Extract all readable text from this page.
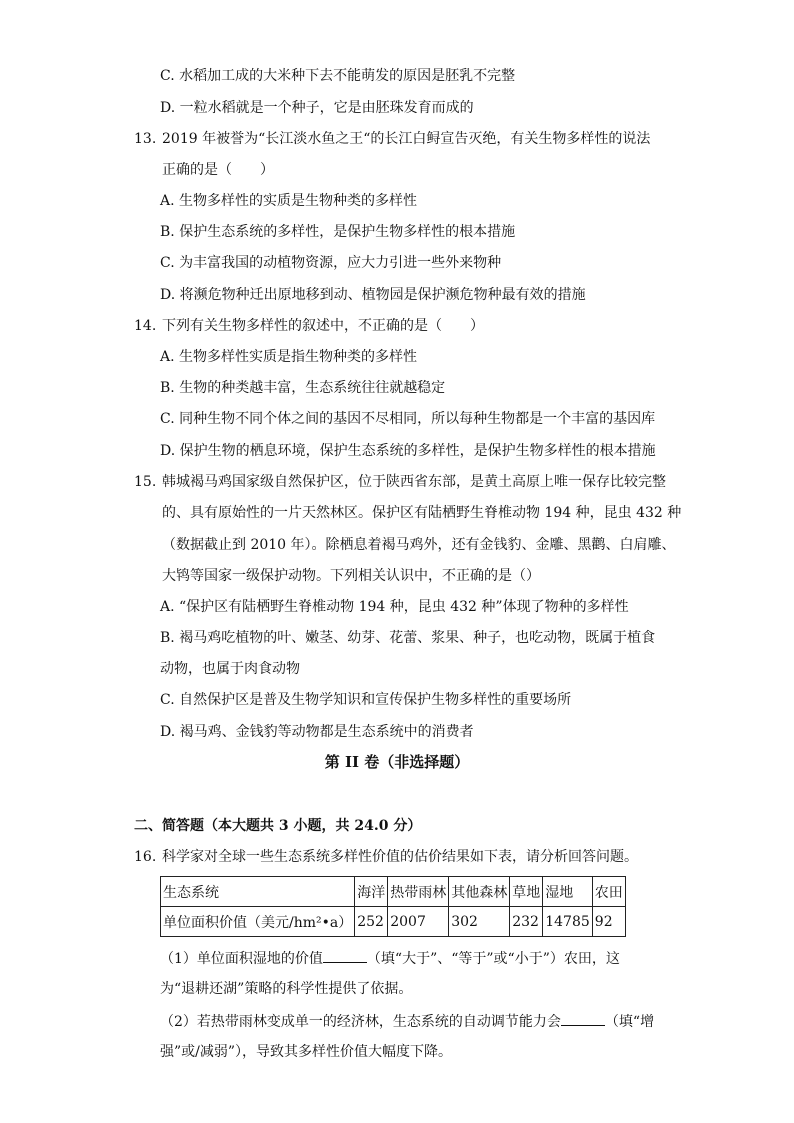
C. 水稻加工成的大米种下去不能萌发的原因是胚乳不完整
D. 一粒水稻就是一个种子，它是由胚珠发育而成的
13. 2019 年被誉为“长江淡水鱼之王“的长江白鲟宣告灭绝，有关生物多样性的说法
正确的是（　　）
A. 生物多样性的实质是生物种类的多样性
B. 保护生态系统的多样性，是保护生物多样性的根本措施
C. 为丰富我国的动植物资源，应大力引进一些外来物种
D. 将濒危物种迁出原地移到动、植物园是保护濒危物种最有效的措施
14. 下列有关生物多样性的叙述中，不正确的是（　　）
A. 生物多样性实质是指生物种类的多样性
B. 生物的种类越丰富，生态系统往往就越稳定
C. 同种生物不同个体之间的基因不尽相同，所以每种生物都是一个丰富的基因库
D. 保护生物的栖息环境，保护生态系统的多样性，是保护生物多样性的根本措施
15. 韩城褐马鸡国家级自然保护区，位于陕西省东部，是黄土高原上唯一保存比较完整
的、具有原始性的一片天然林区。保护区有陆栖野生脊椎动物 194 种，昆虫 432 种
（数据截止到 2010 年）。除栖息着褐马鸡外，还有金钱豹、金雕、黑鹳、白肩雕、
大鸨等国家一级保护动物。下列相关认识中，不正确的是（）
A. “保护区有陆栖野生脊椎动物 194 种，昆虫 432 种”体现了物种的多样性
B. 褐马鸡吃植物的叶、嫩茎、幼芽、花蕾、浆果、种子，也吃动物，既属于植食
动物，也属于肉食动物
C. 自然保护区是普及生物学知识和宣传保护生物多样性的重要场所
D. 褐马鸡、金钱豹等动物都是生态系统中的消费者
第 II 卷（非选择题）
二、简答题（本大题共 3 小题，共 24.0 分）
16. 科学家对全球一些生态系统多样性价值的估价结果如下表，请分析回答问题。
生态系统	海洋	热带雨林	其他森林	草地	湿地	农田
单位面积价值（美元/hm²•a）	252	2007	302	232	14785	92
（1）单位面积湿地的价值	（填“大于”、“等于”或“小于”）农田，这
为“退耕还湖”策略的科学性提供了依据。
（2）若热带雨林变成单一的经济林，生态系统的自动调节能力会	（填“增
强”或/减弱”），导致其多样性价值大幅度下降。
